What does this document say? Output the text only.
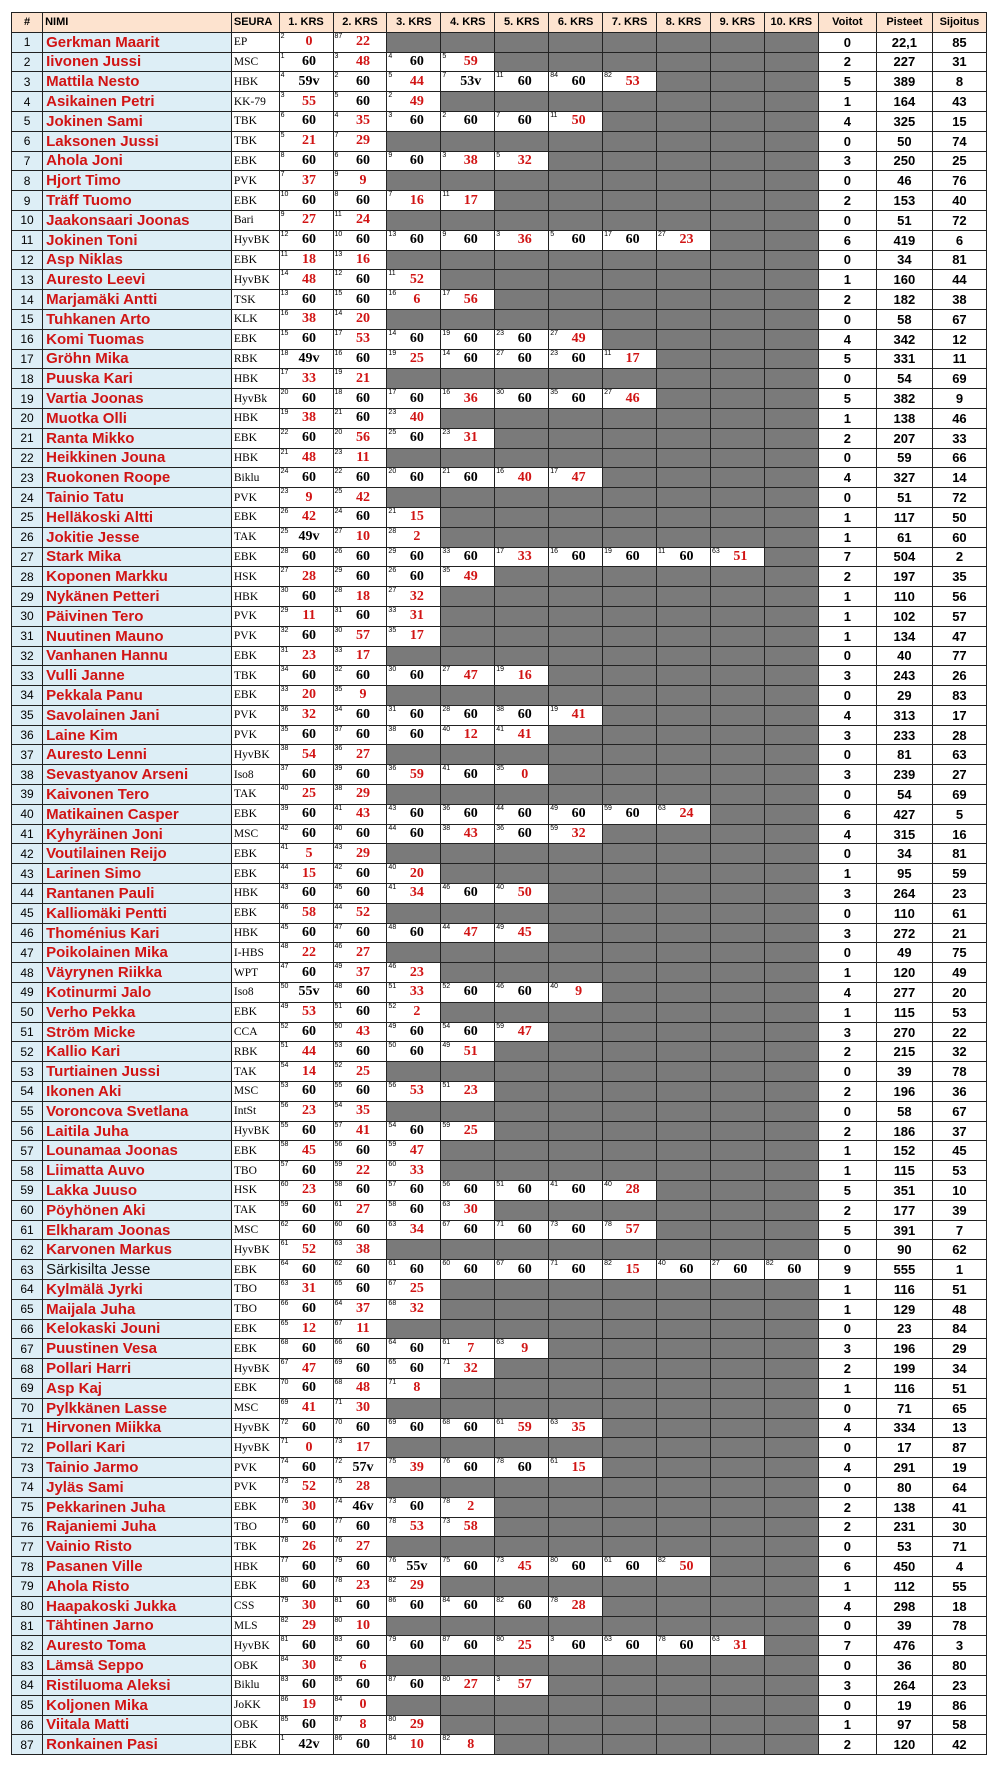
#	NIMI	SEURA	1. KRS	2. KRS	3. KRS	4. KRS	5. KRS	6. KRS	7. KRS	8. KRS	9. KRS	10. KRS	Voitot	Pisteet	Sijoitus
1	Gerkman Maarit	EP	2 0	87 22									0	22,1	85
2	Iivonen Jussi	MSC	1 60	3 48	4 60	5 59							2	227	31
3	Mattila Nesto	HBK	4 59v	2 60	5 44	7 53v	11 60	84 60	82 53				5	389	8
4	Asikainen Petri	KK-79	3 55	5 60	2 49								1	164	43
5	Jokinen Sami	TBK	6 60	4 35	3 60	2 60	7 60	11 50					4	325	15
6	Laksonen Jussi	TBK	5 21	7 29									0	50	74
7	Ahola Joni	EBK	8 60	6 60	9 60	3 38	5 32						3	250	25
8	Hjort Timo	PVK	7 37	9 9									0	46	76
9	Träff Tuomo	EBK	10 60	8 60	7 16	11 17							2	153	40
10	Jaakonsaari Joonas	Bari	9 27	11 24									0	51	72
11	Jokinen Toni	HyvBK	12 60	10 60	13 60	9 60	3 36	5 60	17 60	27 23			6	419	6
12	Asp Niklas	EBK	11 18	13 16									0	34	81
13	Auresto Leevi	HyvBK	14 48	12 60	11 52								1	160	44
14	Marjamäki Antti	TSK	13 60	15 60	16 6	17 56							2	182	38
15	Tuhkanen Arto	KLK	16 38	14 20									0	58	67
16	Komi Tuomas	EBK	15 60	17 53	14 60	19 60	23 60	27 49					4	342	12
17	Gröhn Mika	RBK	18 49v	16 60	19 25	14 60	27 60	23 60	11 17				5	331	11
18	Puuska Kari	HBK	17 33	19 21									0	54	69
19	Vartia Joonas	HyvBk	20 60	18 60	17 60	16 36	30 60	35 60	27 46				5	382	9
20	Muotka Olli	HBK	19 38	21 60	23 40								1	138	46
21	Ranta Mikko	EBK	22 60	20 56	25 60	23 31							2	207	33
22	Heikkinen Jouna	HBK	21 48	23 11									0	59	66
23	Ruokonen Roope	Biklu	24 60	22 60	20 60	21 60	16 40	17 47					4	327	14
24	Tainio Tatu	PVK	23 9	25 42									0	51	72
25	Helläkoski Altti	EBK	26 42	24 60	21 15								1	117	50
26	Jokitie Jesse	TAK	25 49v	27 10	28 2								1	61	60
27	Stark Mika	EBK	28 60	26 60	29 60	33 60	17 33	16 60	19 60	11 60	63 51		7	504	2
28	Koponen Markku	HSK	27 28	29 60	26 60	35 49							2	197	35
29	Nykänen Petteri	HBK	30 60	28 18	27 32								1	110	56
30	Päivinen Tero	PVK	29 11	31 60	33 31								1	102	57
31	Nuutinen Mauno	PVK	32 60	30 57	35 17								1	134	47
32	Vanhanen Hannu	EBK	31 23	33 17									0	40	77
33	Vulli Janne	TBK	34 60	32 60	30 60	27 47	19 16						3	243	26
34	Pekkala Panu	EBK	33 20	35 9									0	29	83
35	Savolainen Jani	PVK	36 32	34 60	31 60	28 60	38 60	19 41					4	313	17
36	Laine Kim	PVK	35 60	37 60	38 60	40 12	41 41						3	233	28
37	Auresto Lenni	HyvBK	38 54	36 27									0	81	63
38	Sevastyanov Arseni	Iso8	37 60	39 60	36 59	41 60	35 0						3	239	27
39	Kaivonen Tero	TAK	40 25	38 29									0	54	69
40	Matikainen Casper	EBK	39 60	41 43	43 60	36 60	44 60	49 60	59 60	63 24			6	427	5
41	Kyhyräinen Joni	MSC	42 60	40 60	44 60	38 43	36 60	59 32					4	315	16
42	Voutilainen Reijo	EBK	41 5	43 29									0	34	81
43	Larinen Simo	EBK	44 15	42 60	40 20								1	95	59
44	Rantanen Pauli	HBK	43 60	45 60	41 34	46 60	40 50						3	264	23
45	Kalliomäki Pentti	EBK	46 58	44 52									0	110	61
46	Thoménius Kari	HBK	45 60	47 60	48 60	44 47	49 45						3	272	21
47	Poikolainen Mika	I-HBS	48 22	46 27									0	49	75
48	Väyrynen Riikka	WPT	47 60	49 37	46 23								1	120	49
49	Kotinurmi Jalo	Iso8	50 55v	48 60	51 33	52 60	46 60	40 9					4	277	20
50	Verho Pekka	EBK	49 53	51 60	52 2								1	115	53
51	Ström Micke	CCA	52 60	50 43	49 60	54 60	59 47						3	270	22
52	Kallio Kari	RBK	51 44	53 60	50 60	49 51							2	215	32
53	Turtiainen Jussi	TAK	54 14	52 25									0	39	78
54	Ikonen Aki	MSC	53 60	55 60	56 53	51 23							2	196	36
55	Voroncova Svetlana	IntSt	56 23	54 35									0	58	67
56	Laitila Juha	HyvBK	55 60	57 41	54 60	59 25							2	186	37
57	Lounamaa Joonas	EBK	58 45	56 60	59 47								1	152	45
58	Liimatta Auvo	TBO	57 60	59 22	60 33								1	115	53
59	Lakka Juuso	HSK	60 23	58 60	57 60	56 60	51 60	41 60	40 28				5	351	10
60	Pöyhönen Aki	TAK	59 60	61 27	58 60	63 30							2	177	39
61	Elkharam Joonas	MSC	62 60	60 60	63 34	67 60	71 60	73 60	78 57				5	391	7
62	Karvonen Markus	HyvBK	61 52	63 38									0	90	62
63	Särkisilta Jesse	EBK	64 60	62 60	61 60	60 60	67 60	71 60	82 15	40 60	27 60	82 60	9	555	1
64	Kylmälä Jyrki	TBO	63 31	65 60	67 25								1	116	51
65	Maijala Juha	TBO	66 60	64 37	68 32								1	129	48
66	Kelokaski Jouni	EBK	65 12	67 11									0	23	84
67	Puustinen Vesa	EBK	68 60	66 60	64 60	61 7	63 9						3	196	29
68	Pollari Harri	HyvBK	67 47	69 60	65 60	71 32							2	199	34
69	Asp Kaj	EBK	70 60	68 48	71 8								1	116	51
70	Pylkkänen Lasse	MSC	69 41	71 30									0	71	65
71	Hirvonen Miikka	HyvBK	72 60	70 60	69 60	68 60	61 59	63 35					4	334	13
72	Pollari Kari	HyvBK	71 0	73 17									0	17	87
73	Tainio Jarmo	PVK	74 60	72 57v	75 39	76 60	78 60	61 15					4	291	19
74	Jyläs Sami	PVK	73 52	75 28									0	80	64
75	Pekkarinen Juha	EBK	76 30	74 46v	73 60	78 2							2	138	41
76	Rajaniemi Juha	TBO	75 60	77 60	78 53	73 58							2	231	30
77	Vainio Risto	TBK	78 26	76 27									0	53	71
78	Pasanen Ville	HBK	77 60	79 60	76 55v	75 60	73 45	80 60	61 60	82 50			6	450	4
79	Ahola Risto	EBK	80 60	78 23	82 29								1	112	55
80	Haapakoski Jukka	CSS	79 30	81 60	86 60	84 60	82 60	78 28					4	298	18
81	Tähtinen Jarno	MLS	82 29	80 10									0	39	78
82	Auresto Toma	HyvBK	81 60	83 60	79 60	87 60	80 25	3 60	63 60	78 60	63 31		7	476	3
83	Lämsä Seppo	OBK	84 30	82 6									0	36	80
84	Ristiluoma Aleksi	Biklu	83 60	85 60	87 60	80 27	3 57						3	264	23
85	Koljonen Mika	JoKK	86 19	84 0									0	19	86
86	Viitala Matti	OBK	85 60	87 8	80 29								1	97	58
87	Ronkainen Pasi	EBK	1 42v	86 60	84 10	82 8							2	120	42
